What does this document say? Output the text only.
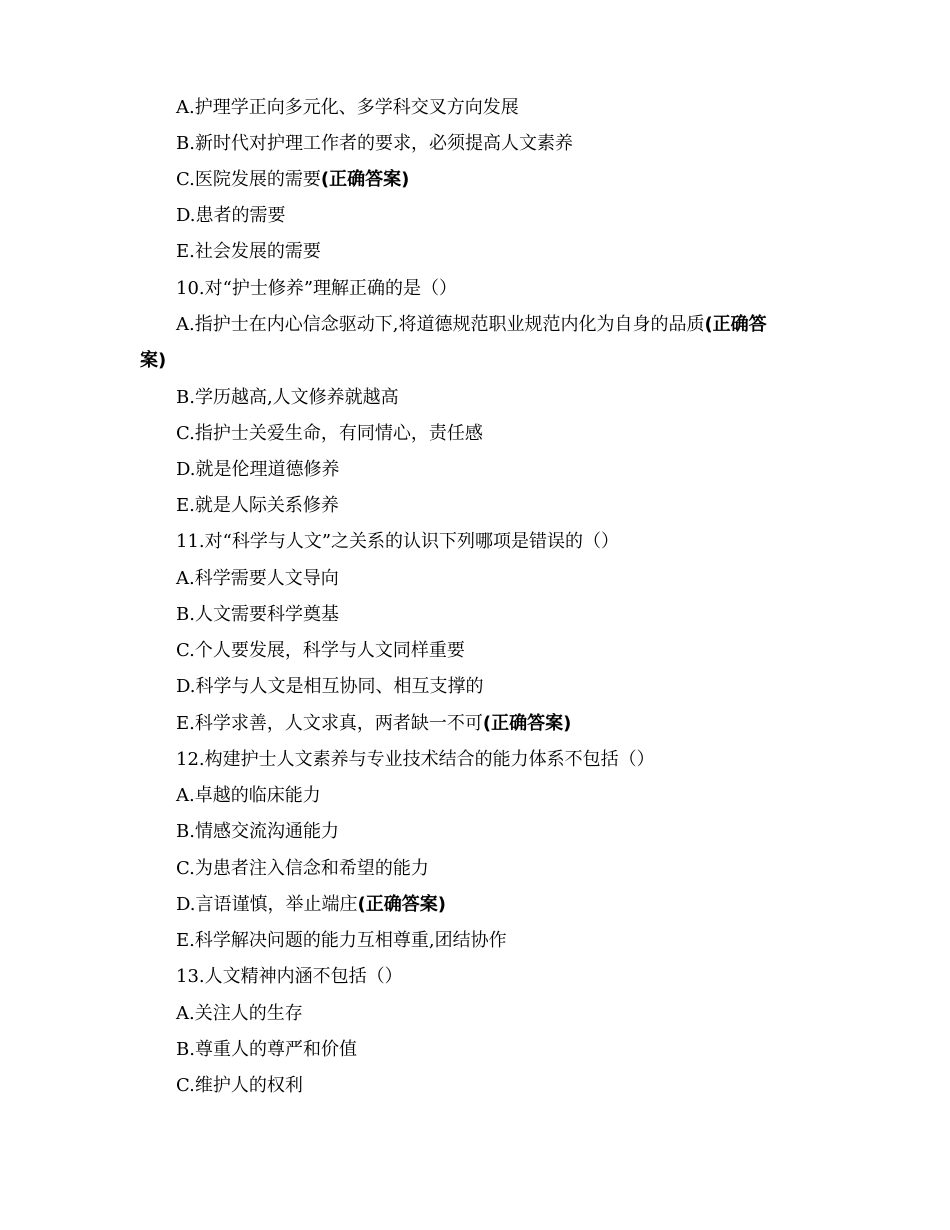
A.护理学正向多元化、多学科交叉方向发展
B.新时代对护理工作者的要求，必须提高人文素养
C.医院发展的需要(正确答案)
D.患者的需要
E.社会发展的需要
10.对“护士修养”理解正确的是（）
A.指护士在内心信念驱动下,将道德规范职业规范内化为自身的品质(正确答
案)
B.学历越高,人文修养就越高
C.指护士关爱生命，有同情心，责任感
D.就是伦理道德修养
E.就是人际关系修养
11.对“科学与人文”之关系的认识下列哪项是错误的（）
A.科学需要人文导向
B.人文需要科学奠基
C.个人要发展，科学与人文同样重要
D.科学与人文是相互协同、相互支撑的
E.科学求善，人文求真，两者缺一不可(正确答案)
12.构建护士人文素养与专业技术结合的能力体系不包括（）
A.卓越的临床能力
B.情感交流沟通能力
C.为患者注入信念和希望的能力
D.言语谨慎，举止端庄(正确答案)
E.科学解决问题的能力互相尊重,团结协作
13.人文精神内涵不包括（）
A.关注人的生存
B.尊重人的尊严和价值
C.维护人的权利
